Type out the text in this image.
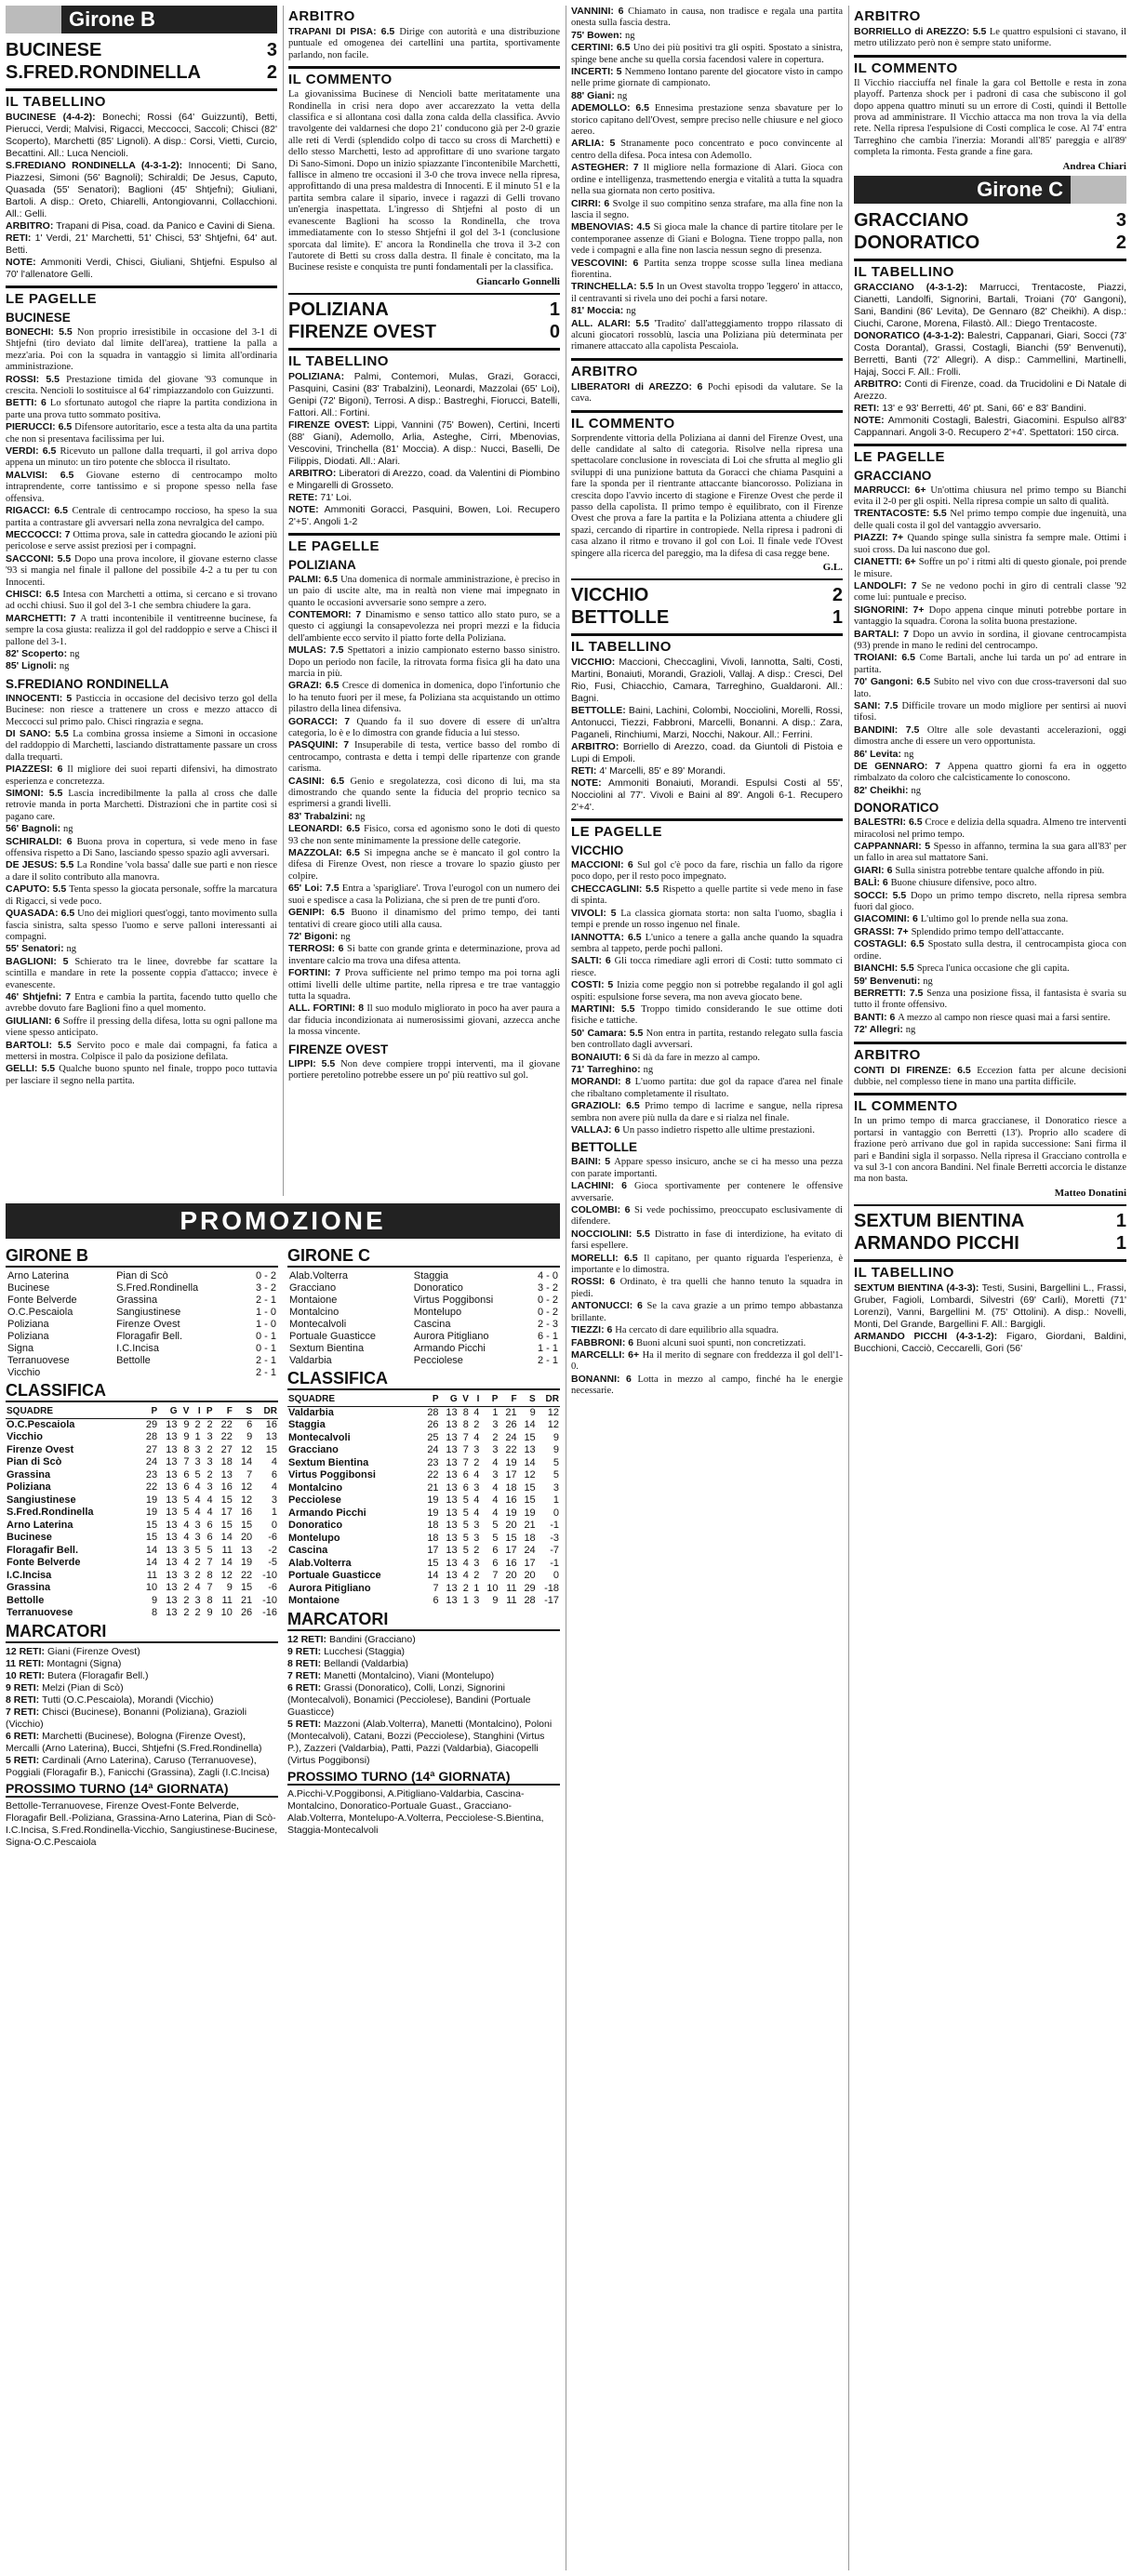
Girone B
BUCINESE	3
S.FRED.RONDINELLA	2
IL TABELLINO

BUCINESE (4-4-2): Bonechi; Rossi (64' Guizzunti), Betti, Pierucci, Verdi; Malvisi, Rigacci, Meccocci, Saccoli; Chisci (82' Scoperto), Marchetti (85' Lignoli). A disp.: Corsi, Vietti, Curcio, Becattini. All.: Luca Nencioli.

S.FREDIANO RONDINELLA (4-3-1-2): Innocenti; Di Sano, Piazzesi, Simoni (56' Bagnoli); Schiraldi; De Jesus, Caputo, Quasada (55' Senatori); Baglioni (45' Shtjefni); Giuliani, Bartoli. A disp.: Oreto, Chiarelli, Antongiovanni, Collacchioni. All.: Gelli.

ARBITRO: Trapani di Pisa, coad. da Panico e Cavini di Siena.

RETI: 1' Verdi, 21' Marchetti, 51' Chisci, 53' Shtjefni, 64' aut. Betti.

NOTE: Ammoniti Verdi, Chisci, Giuliani, Shtjefni. Espulso al 70' l'allenatore Gelli.

LE PAGELLE
BUCINESE

BONECHI: 5.5 Non proprio irresistibile in occasione del 3-1 di Shtjefni (tiro deviato dal limite dell'area), trattiene la palla a mezz'aria. Poi con la squadra in vantaggio si limita all'ordinaria amministrazione.

ROSSI: 5.5 Prestazione timida del giovane '93 comunque in crescita. Nencioli lo sostituisce al 64' rimpiazzandolo con Guizzunti.

BETTI: 6 Lo sfortunato autogol che riapre la partita condiziona in parte una prova tutto sommato positiva.

PIERUCCI: 6.5 Difensore autoritario, esce a testa alta da una partita che non si presentava facilissima per lui.

VERDI: 6.5 Ricevuto un pallone dalla trequarti, il gol arriva dopo appena un minuto: un tiro potente che sblocca il risultato.

MALVISI: 6.5 Giovane esterno di centrocampo molto intraprendente, corre tantissimo e si propone spesso nella fase offensiva.

RIGACCI: 6.5 Centrale di centrocampo roccioso, ha speso la sua partita a contrastare gli avversari nella zona nevralgica del campo.

MECCOCCI: 7 Ottima prova, sale in cattedra giocando le azioni più pericolose e serve assist preziosi per i compagni.

SACCONI: 5.5 Dopo una prova incolore, il giovane esterno classe '93 si mangia nel finale il pallone del possibile 4-2 a tu per tu con Innocenti.

CHISCI: 6.5 Intesa con Marchetti a ottima, si cercano e si trovano ad occhi chiusi. Suo il gol del 3-1 che sembra chiudere la gara.

MARCHETTI: 7 A tratti incontenibile il ventitreenne bucinese, fa sempre la cosa giusta: realizza il gol del raddoppio e serve a Chisci il pallone del 3-1.

82' Scoperto: ng

85' Lignoli: ng

S.FREDIANO RONDINELLA

INNOCENTI: 5 Pasticcia in occasione del decisivo terzo gol della Bucinese: non riesce a trattenere un cross e mezzo attacco di Meccocci sul primo palo. Chisci ringrazia e segna.

DI SANO: 5.5 La combina grossa insieme a Simoni in occasione del raddoppio di Marchetti, lasciando distrattamente passare un cross dalla trequarti.

PIAZZESI: 6 Il migliore dei suoi reparti difensivi, ha dimostrato esperienza e concretezza.

SIMONI: 5.5 Lascia incredibilmente la palla al cross che dalle retrovie manda in porta Marchetti. Distrazioni che in partite così si pagano care.

56' Bagnoli: ng

SCHIRALDI: 6 Buona prova in copertura, si vede meno in fase offensiva rispetto a Di Sano, lasciando spesso spazio agli avversari.

DE JESUS: 5.5 La Rondine 'vola bassa' dalle sue parti e non riesce a dare il solito contributo alla manovra.

CAPUTO: 5.5 Tenta spesso la giocata personale, soffre la marcatura di Rigacci, si vede poco.

QUASADA: 6.5 Uno dei migliori quest'oggi, tanto movimento sulla fascia sinistra, salta spesso l'uomo e serve palloni interessanti ai compagni.

55' Senatori: ng

BAGLIONI: 5 Schierato tra le linee, dovrebbe far scattare la scintilla e mandare in rete la possente coppia d'attacco; invece è evanescente.

46' Shtjefni: 7 Entra e cambia la partita, facendo tutto quello che avrebbe dovuto fare Baglioni fino a quel momento.

GIULIANI: 6 Soffre il pressing della difesa, lotta su ogni pallone ma viene spesso anticipato.

BARTOLI: 5.5 Servito poco e male dai compagni, fa fatica a mettersi in mostra. Colpisce il palo da posizione defilata.

GELLI: 5.5 Qualche buono spunto nel finale, troppo poco tuttavia per lasciare il segno nella partita.

ARBITRO

TRAPANI DI PISA: 6.5 Dirige con autorità e una distribuzione puntuale ed omogenea dei cartellini una partita, sportivamente parlando, non facile.

IL COMMENTO

La giovanissima Bucinese di Nencioli batte meritatamente una Rondinella in crisi nera dopo aver accarezzato la vetta della classifica e si allontana così dalla zona calda della classifica. Avvio travolgente dei valdarnesi che dopo 21' conducono già per 2-0 grazie alle reti di Verdi (splendido colpo di tacco su cross di Marchetti) e dello stesso Marchetti, lesto ad approfittare di uno svarione targato Di Sano-Simoni. Dopo un inizio spiazzante l'incontenibile Marchetti, falliscе in almeno tre occasioni il 3-0 che trova invece nella ripresa, approfittando di una presa maldestra di Innocenti. E il minuto 51 e la partita sembra calare il sipario, invece i ragazzi di Gelli trovano un'energia inaspettata. L'ingresso di Shtjefni al posto di un evanescente Baglioni ha scosso la Rondinella, che trova immediatamente con lo stesso Shtjefni il gol del 3-1 (conclusione sporcata dal limite). E' ancora la Rondinella che trova il 3-2 con l'autorete di Betti su cross dalla destra. Il finale è concitato, ma la Bucinese resiste e conquista tre punti fondamentali per la classifica.

Giancarlo Gonnelli
POLIZIANA	1
FIRENZE OVEST	0
IL TABELLINO

POLIZIANA: Palmi, Contemori, Mulas, Grazi, Goracci, Pasquini, Casini (83' Trabalzini), Leonardi, Mazzolai (65' Loi), Genipi (72' Bigoni), Terrosi. A disp.: Bastreghi, Fiorucci, Batelli, Fattori. All.: Fortini.

FIRENZE OVEST: Lippi, Vannini (75' Bowen), Certini, Incerti (88' Giani), Ademollo, Arlia, Asteghe, Cirri, Mbenovias, Vescovini, Trinchella (81' Moccia). A disp.: Nucci, Baselli, De Filippis, Diodati. All.: Alari.

ARBITRO: Liberatori di Arezzo, coad. da Valentini di Piombino e Mingarelli di Grosseto.

RETE: 71' Loi.

NOTE: Ammoniti Goracci, Pasquini, Bowen, Loi. Recupero 2'+5'. Angoli 1-2

LE PAGELLE
POLIZIANA

PALMI: 6.5 Una domenica di normale amministrazione, è preciso in un paio di uscite alte, ma in realtà non viene mai impegnato in quanto le occasioni avversarie sono sempre a zero.

CONTEMORI: 7 Dinamismo e senso tattico allo stato puro, se a questo ci aggiungi la consapevolezza nei propri mezzi e la fiducia dell'ambiente ecco servito il piatto forte della Poliziana.

MULAS: 7.5 Spettatori a inizio campionato esterno basso sinistro. Dopo un periodo non facile, la ritrovata forma fisica gli ha dato una marcia in più.

GRAZI: 6.5 Cresce di domenica in domenica, dopo l'infortunio che lo ha tenuto fuori per il mese, fa Poliziana sta acquistando un ottimo pilastro della linea difensiva.

GORACCI: 7 Quando fa il suo dovere di essere di un'altra categoria, lo è e lo dimostra con grande fiducia a lui stesso.

PASQUINI: 7 Insuperabile di testa, vertice basso del rombo di centrocampo, contrasta e detta i tempi delle ripartenze con grande carisma.

CASINI: 6.5 Genio e sregolatezza, così dicono di lui, ma sta dimostrando che quando sente la fiducia del proprio tecnico sa esprimersi a grandi livelli.

83' Trabalzini: ng

LEONARDI: 6.5 Fisico, corsa ed agonismo sono le doti di questo 93 che non sente minimamente la pressione delle categorie.

MAZZOLAI: 6.5 Si impegna anche se è mancato il gol contro la difesa di Firenze Ovest, non riesce a trovare lo spazio giusto per colpire.

65' Loi: 7.5 Entra a 'sparigliare'. Trova l'eurogol con un numero dei suoi e spedisce a casa la Poliziana, che si pren de tre punti d'oro.

GENIPI: 6.5 Buono il dinamismo del primo tempo, dei tanti tentativi di creare gioco utili alla causa.

72' Bigoni: ng

TERROSI: 6 Si batte con grande grinta e determinazione, prova ad inventare calcio ma trova una difesa attenta.

FORTINI: 7 Prova sufficiente nel primo tempo ma poi torna agli ottimi livelli delle ultime partite, nella ripresa e tre trae vantaggio tutta la squadra.

ALL. FORTINI: 8 Il suo modulo migliorato in poco ha aver paura a dar fiducia incondizionata ai numerosissimi giovani, azzecca anche la mossa vincente.

FIRENZE OVEST

LIPPI: 5.5 Non deve compiere troppi interventi, ma il giovane portiere peretolino potrebbe essere un po' più reattivo sul gol.

VANNINI: 6 Chiamato in causa, non tradisce e regala una partita onesta sulla fascia destra.

75' Bowen: ng

CERTINI: 6.5 Uno dei più positivi tra gli ospiti. Spostato a sinistra, spinge bene anche su quella corsia facendosi valere in copertura.

INCERTI: 5 Nemmeno lontano parente del giocatore visto in campo nelle prime giornate di campionato.

88' Giani: ng

ADEMOLLO: 6.5 Ennesima prestazione senza sbavature per lo storico capitano dell'Ovest, sempre preciso nelle chiusure e nel gioco aereo.

ARLIA: 5 Stranamente poco concentrato e poco convincente al centro della difesa. Poca intesa con Ademollo.

ASTEGHER: 7 Il migliore nella formazione di Alari. Gioca con ordine e intelligenza, trasmettendo energia e vitalità a tutta la squadra nella sua giornata non certo positiva.

CIRRI: 6 Svolge il suo compitino senza strafare, ma alla fine non la lascia il segno.

MBENOVIAS: 4.5 Si gioca male la chance di partire titolare per le contemporanee assenze di Giani e Bologna. Tiene troppo palla, non vede i compagni e alla fine non lascia nessun segno di presenza.

VESCOVINI: 6 Partita senza troppe scosse sulla linea mediana fiorentina.

TRINCHELLA: 5.5 In un Ovest stavolta troppo 'leggero' in attacco, il centravanti si rivela uno dei pochi a farsi notare.

81' Moccia: ng

ALL. ALARI: 5.5 'Tradito' dall'atteggiamento troppo rilassato di alcuni giocatori rossoblù, lascia una Poliziana più determinata per rimanere attaccato alla capolista Pescaiola.

ARBITRO

LIBERATORI di AREZZO: 6 Pochi episodi da valutare. Se la cava.

IL COMMENTO

Sorprendente vittoria della Poliziana ai danni del Firenze Ovest, una delle candidate al salto di categoria. Risolve nella ripresa una spettacolare conclusione in rovesciata di Loi che sfrutta al meglio gli sviluppi di una punizione battuta da Goracci che chiama Pasquini a fare la sponda per il rientrante attaccante biancorosso. Poliziana in crescita dopo l'avvio incerto di stagione e Firenze Ovest che perde il passo della capolista. Il primo tempo è equilibrato, con il Firenze Ovest che prova a fare la partita e la Poliziana attenta a chiudere gli spazi, cercando di ripartire in contropiede. Nella ripresa i padroni di casa alzano il ritmo e trovano il gol con Loi. Il finale vede l'Ovest spingere alla ricerca del pareggio, ma la difesa di casa regge bene.

G.L.
VICCHIO	2
BETTOLLE	1
IL TABELLINO

VICCHIO: Maccioni, Checcaglini, Vivoli, Iannotta, Salti, Costi, Martini, Bonaiuti, Morandi, Graziolі, Vallaj. A disp.: Cresci, Del Rio, Fusi, Chiacchio, Camara, Tarreghino, Gualdaroni. All.: Bagni.

BETTOLLE: Baini, Lachini, Colombi, Nocciolini, Morelli, Rossi, Antonucci, Tiezzi, Fabbroni, Marcelli, Bonanni. A disp.: Zara, Paganeli, Rinchiumi, Marzi, Nocchi, Nakour. All.: Ferrini.

ARBITRO: Borriello di Arezzo, coad. da Giuntoli di Pistoia e Lupi di Empoli.

RETI: 4' Marcelli, 85' e 89' Morandi.

NOTE: Ammoniti Bonaiuti, Morandi. Espulsi Costi al 55', Nocciolini al 77'. Vivoli e Baini al 89'. Angoli 6-1. Recupero 2'+4'.

LE PAGELLE
VICCHIO

MACCIONI: 6 Sul gol c'è poco da fare, rischia un fallo da rigore poco dopo, per il resto poco impegnato.

CHECCAGLINI: 5.5 Rispetto a quelle partite si vede meno in fase di spinta.

VIVOLI: 5 La classica giornata storta: non salta l'uomo, sbaglia i tempi e prende un rosso ingenuo nel finale.

IANNOTTA: 6.5 L'unico a tenere a galla anche quando la squadra sembra al tappeto, perde pochi palloni.

SALTI: 6 Gli tocca rimediare agli errori di Costi: tutto sommato ci riesce.

COSTI: 5 Inizia come peggio non si potrebbe regalando il gol agli ospiti: espulsione forse severa, ma non aveva giocato bene.

MARTINI: 5.5 Troppo timido considerando le sue ottime doti fisiche e tattiche.

50' Camara: 5.5 Non entra in partita, restando relegato sulla fascia ben controllato dagli avversari.

BONAIUTI: 6 Si dà da fare in mezzo al campo.

71' Tarreghino: ng

MORANDI: 8 L'uomo partita: due gol da rapace d'area nel finale che ribaltano completamente il risultato.

GRAZIOLI: 6.5 Primo tempo di lacrime e sangue, nella ripresa sembra non avere più nulla da dare e si rialza nel finale.

VALLAJ: 6 Un passo indietro rispetto alle ultime prestazioni.

BETTOLLE

BAINI: 5 Appare spesso insicuro, anche se ci ha messo una pezza con parate importanti.

LACHINI: 6 Gioca sportivamente per contenere le offensive avversarie.

COLOMBI: 6 Si vede pochissimo, preoccupato esclusivamente di difendere.

NOCCIOLINI: 5.5 Distratto in fase di interdizione, ha evitato di farsi espellere.

MORELLI: 6.5 Il capitano, per quanto riguarda l'esperienza, è importante e lo dimostra.

ROSSI: 6 Ordinato, è tra quelli che hanno tenuto la squadra in piedi.

ANTONUCCI: 6 Se la cava grazie a un primo tempo abbastanza brillante.

TIEZZI: 6 Ha cercato di dare equilibrio alla squadra.

FABBRONI: 6 Buoni alcuni suoi spunti, non concretizzati.

MARCELLI: 6+ Ha il merito di segnare con freddezza il gol dell'1-0.

BONANNI: 6 Lotta in mezzo al campo, finché ha le energie necessarie.

ARBITRO

BORRIELLO di AREZZO: 5.5 Le quattro espulsioni ci stavano, il metro utilizzato però non è sempre stato uniforme.

IL COMMENTO

Il Vicchio riacciuffa nel finale la gara col Bettolle e resta in zona playoff. Partenza shock per i padroni di casa che subiscono il gol dopo appena quattro minuti su un errore di Costi, quindi il Bettolle prova ad amministrare. Il Vicchio attacca ma non trova la via della rete. Nella ripresa l'espulsione di Costi complica le cose. Al 74' entra Tarreghino che cambia l'inerzia: Morandi all'85' pareggia e all'89' completa la rimonta. Festa grande a fine gara.

Andrea Chiari
Girone C
GRACCIANO	3
DONORATICO	2
IL TABELLINO

GRACCIANO (4-3-1-2): Marrucci, Trentacoste, Piazzi, Cianetti, Landolfi, Signorini, Bartali, Troiani (70' Gangoni), Sani, Bandini (86' Levita), De Gennaro (82' Cheikhi). A disp.: Ciuchi, Carone, Morena, Filastò. All.: Diego Trentacoste.

DONORATICO (4-3-1-2): Balestri, Cappanari, Giari, Socci (73' Costa Dorantal), Grassi, Costagli, Bianchi (59' Benvenuti), Berretti, Banti (72' Allegri). A disp.: Cammellini, Martinelli, Hajaj, Socci F. All.: Frolli.

ARBITRO: Conti di Firenze, coad. da Trucidolini e Di Natale di Arezzo.

RETI: 13' e 93' Berretti, 46' pt. Sani, 66' e 83' Bandini.

NOTE: Ammoniti Costagli, Balestri, Giacomini. Espulso all'83' Cappannari. Angoli 3-0. Recupero 2'+4'. Spettatori: 150 circa.

LE PAGELLE
GRACCIANO

MARRUCCI: 6+ Un'ottima chiusura nel primo tempo su Bianchi evita il 2-0 per gli ospiti. Nella ripresa compie un salto di qualità.

TRENTACOSTE: 5.5 Nel primo tempo compie due ingenuità, una delle quali costa il gol del vantaggio avversario.

PIAZZI: 7+ Quando spinge sulla sinistra fa sempre male. Ottimi i suoi cross. Da lui nascono due gol.

CIANETTI: 6+ Soffre un po' i ritmi alti di questo gionale, poi prende le misure.

LANDOLFI: 7 Se ne vedono pochi in giro di centrali classe '92 come lui: puntuale e preciso.

SIGNORINI: 7+ Dopo appena cinque minuti potrebbe portare in vantaggio la squadra. Corona la solita buona prestazione.

BARTALI: 7 Dopo un avvio in sordina, il giovane centrocampista (93) prende in mano le redini del centrocampo.

TROIANI: 6.5 Come Bartali, anche lui tarda un po' ad entrare in partita.

70' Gangoni: 6.5 Subito nel vivo con due cross-traversoni dal suo lato.

SANI: 7.5 Difficile trovare un modo migliore per sentirsi ai nuovi tifosi.

BANDINI: 7.5 Oltre alle sole devastanti accelerazioni, oggi dimostra anche di essere un vero opportunista.

86' Levita: ng

DE GENNARO: 7 Appena quattro giorni fa era in oggetto rimbalzato da coloro che calcisticamente lo conoscono.

82' Cheikhi: ng

DONORATICO

BALESTRI: 6.5 Croce e delizia della squadra. Almeno tre interventi miracolosi nel primo tempo.

CAPPANNARI: 5 Spesso in affanno, termina la sua gara all'83' per un fallo in area sul mattatore Sani.

GIARI: 6 Sulla sinistra potrebbe tentare qualche affondo in più.

BALÌ: 6 Buone chiusure difensive, poco altro.

SOCCI: 5.5 Dopo un primo tempo discreto, nella ripresa sembra fuori dal gioco.

GIACOMINI: 6 L'ultimo gol lo prende nella sua zona.

GRASSI: 7+ Splendido primo tempo dell'attaccante.

COSTAGLI: 6.5 Spostato sulla destra, il centrocampista gioca con ordine.

BIANCHI: 5.5 Spreca l'unica occasione che gli capita.

59' Benvenuti: ng

BERRETTI: 7.5 Senza una posizione fissa, il fantasista è svaria su tutto il fronte offensivo.

BANTI: 6 A mezzo al campo non riesce quasi mai a farsi sentire.

72' Allegri: ng

ARBITRO

CONTI DI FIRENZE: 6.5 Eccezion fatta per alcune decisioni dubbie, nel complesso tiene in mano una partita difficile.

IL COMMENTO

In un primo tempo di marca graccianese, il Donoratico riesce a portarsi in vantaggio con Berretti (13'). Proprio allo scadere di frazione però arrivano due gol in rapida successione: Sani firma il pari e Bandini sigla il sorpasso. Nella ripresa il Gracciano controlla e va sul 3-1 con ancora Bandini. Nel finale Berretti accorcia le distanze ma non basta.

Matteo Donatini
SEXTUM BIENTINA	1
ARMANDO PICCHI	1
IL TABELLINO

SEXTUM BIENTINA (4-3-3): Testi, Susini, Bargellini L., Frassi, Gruber, Fagioli, Lombardi, Silvestri (69' Carli), Moretti (71' Lorenzi), Vanni, Bargellini M. (75' Ottolini). A disp.: Novelli, Monti, Del Grande, Bargellini F. All.: Bargigli.

ARMANDO PICCHI (4-3-1-2): Figaro, Giordani, Baldini, Bucchioni, Cacciò, Ceccarelli, Gori (56'

PROMOZIONE
GIRONE B
Arno Laterina	Pian di Scò	0 - 2
Bucinese	S.Fred.Rondinella	3 - 2
Fonte Belverde	Grassina	2 - 1
O.C.Pescaiola	Sangiustinese	1 - 0
Poliziana	Firenze Ovest	1 - 0
Poliziana	Floragafir Bell.	0 - 1
Signa	I.C.Incisa	0 - 1
Terranuovese	Bettolle	2 - 1
Vicchio		2 - 1
CLASSIFICA
SQUADRE	P	G	V	I	P	F	S	DR
O.C.Pescaiola	29	13	9	2	2	22	6	16
Vicchio	28	13	9	1	3	22	9	13
Firenze Ovest	27	13	8	3	2	27	12	15
Pian di Scò	24	13	7	3	3	18	14	4
Grassina	23	13	6	5	2	13	7	6
Poliziana	22	13	6	4	3	16	12	4
Sangiustinese	19	13	5	4	4	15	12	3
S.Fred.Rondinella	19	13	5	4	4	17	16	1
Arno Laterina	15	13	4	3	6	15	15	0
Bucinese	15	13	4	3	6	14	20	-6
Floragafir Bell.	14	13	3	5	5	11	13	-2
Fonte Belverde	14	13	4	2	7	14	19	-5
I.C.Incisa	11	13	3	2	8	12	22	-10
Grassina	10	13	2	4	7	9	15	-6
Bettolle	9	13	2	3	8	11	21	-10
Terranuovese	8	13	2	2	9	10	26	-16
MARCATORI

12 RETI: Giani (Firenze Ovest)

11 RETI: Montagni (Signa)

10 RETI: Butera (Floragafir Bell.)

9 RETI: Melzi (Pian di Scò)

8 RETI: Tutti (O.C.Pescaiola), Morandi (Vicchio)

7 RETI: Chisci (Bucinese), Bonanni (Poliziana), Graziolі (Vicchio)

6 RETI: Marchetti (Bucinese), Bologna (Firenze Ovest), Mercalli (Arno Laterina), Bucci, Shtjefni (S.Fred.Rondinella)

5 RETI: Cardinali (Arno Laterina), Caruso (Terranuovese), Poggiali (Floragafir B.), Fanicchi (Grassina), Zagli (I.C.Incisa)

PROSSIMO TURNO (14ª GIORNATA)

Bettolle-Terranuovese, Firenze Ovest-Fonte Belverde, Floragafir Bell.-Poliziana, Grassina-Arno Laterina, Pian di Scò-I.C.Incisa, S.Fred.Rondinella-Vicchio, Sangiustinese-Bucinese, Signa-O.C.Pescaiola

GIRONE C
Alab.Volterra	Staggia	4 - 0
Gracciano	Donoratico	3 - 2
Montaione	Virtus Poggibonsi	0 - 2
Montalcino	Montelupo	0 - 2
Montecalvoli	Cascina	2 - 3
Portuale Guasticce	Aurora Pitigliano	6 - 1
Sextum Bientina	Armando Picchi	1 - 1
Valdarbia	Pecciolese	2 - 1
CLASSIFICA
SQUADRE	P	G	V	I	P	F	S	DR
Valdarbia	28	13	8	4	1	21	9	12
Staggia	26	13	8	2	3	26	14	12
Montecalvoli	25	13	7	4	2	24	15	9
Gracciano	24	13	7	3	3	22	13	9
Sextum Bientina	23	13	7	2	4	19	14	5
Virtus Poggibonsi	22	13	6	4	3	17	12	5
Montalcino	21	13	6	3	4	18	15	3
Pecciolese	19	13	5	4	4	16	15	1
Armando Picchi	19	13	5	4	4	19	19	0
Donoratico	18	13	5	3	5	20	21	-1
Montelupo	18	13	5	3	5	15	18	-3
Cascina	17	13	5	2	6	17	24	-7
Alab.Volterra	15	13	4	3	6	16	17	-1
Portuale Guasticce	14	13	4	2	7	20	20	0
Aurora Pitigliano	7	13	2	1	10	11	29	-18
Montaione	6	13	1	3	9	11	28	-17
MARCATORI

12 RETI: Bandini (Gracciano)

9 RETI: Lucchesi (Staggia)

8 RETI: Bellandi (Valdarbia)

7 RETI: Manetti (Montalcino), Viani (Montelupo)

6 RETI: Grassi (Donoratico), Colli, Lonzi, Signorini (Montecalvoli), Bonamici (Pecciolese), Bandini (Portuale Guasticce)

5 RETI: Mazzoni (Alab.Volterra), Manetti (Montalcino), Poloni (Montecalvoli), Catani, Bozzi (Pecciolese), Stanghini (Virtus P.), Zazzeri (Valdarbia), Patti, Pazzi (Valdarbia), Giacopelli (Virtus Poggibonsi)

PROSSIMO TURNO (14ª GIORNATA)

A.Picchi-V.Poggibonsi, A.Pitigliano-Valdarbia, Cascina-Montalcino, Donoratico-Portuale Guast., Gracciano-Alab.Volterra, Montelupo-A.Volterra, Pecciolese-S.Bientina, Staggia-Montecalvoli
